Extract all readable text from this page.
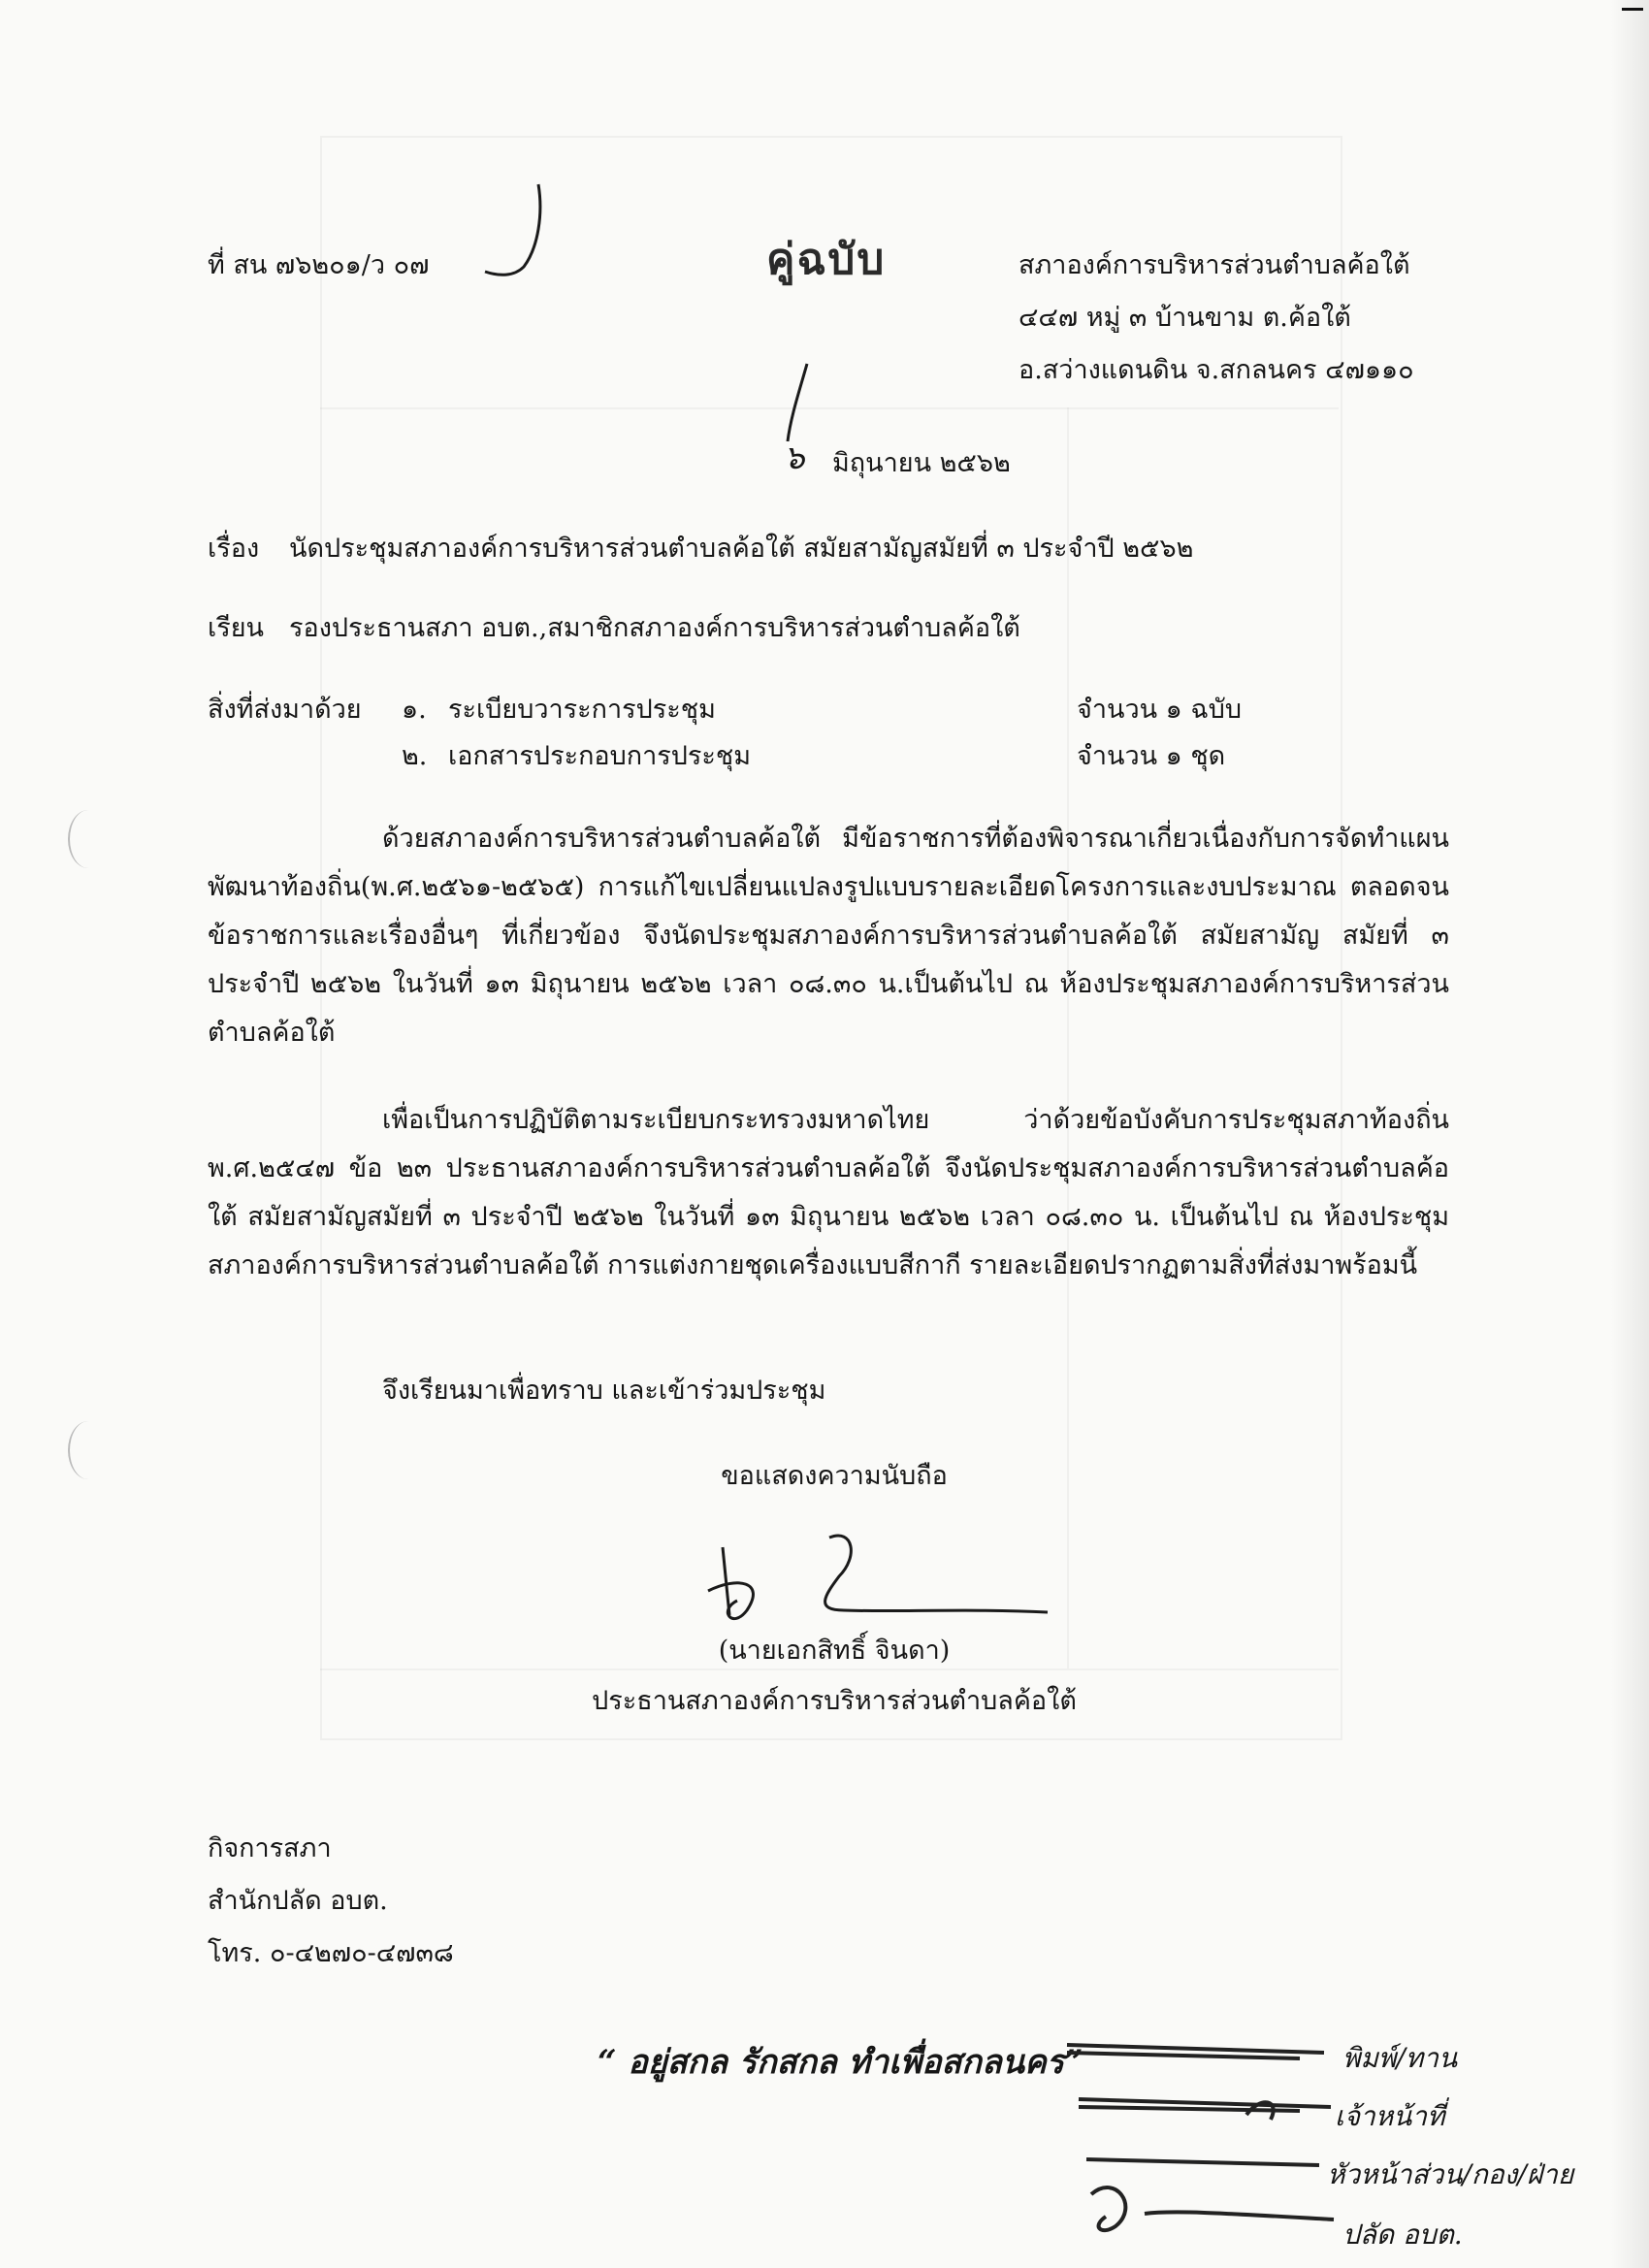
ที่ สน ๗๖๒๐๑/ว ๐๗	คู่ฉบับ	สภาองค์การบริหารส่วนตำบลค้อใต้
๔๔๗ หมู่ ๓ บ้านขาม ต.ค้อใต้
อ.สว่างแดนดิน จ.สกลนคร ๔๗๑๑๐
๖ มิถุนายน ๒๕๖๒
เรื่อง นัดประชุมสภาองค์การบริหารส่วนตำบลค้อใต้ สมัยสามัญสมัยที่ ๓ ประจำปี ๒๕๖๒
เรียน รองประธานสภา อบต.,สมาชิกสภาองค์การบริหารส่วนตำบลค้อใต้
สิ่งที่ส่งมาด้วย ๑. ระเบียบวาระการประชุม	จำนวน ๑ ฉบับ
๒. เอกสารประกอบการประชุม	จำนวน ๑ ชุด
ด้วยสภาองค์การบริหารส่วนตำบลค้อใต้ มีข้อราชการที่ต้องพิจารณาเกี่ยวเนื่องกับการจัดทำแผนพัฒนาท้องถิ่น(พ.ศ.๒๕๖๑-๒๕๖๕) การแก้ไขเปลี่ยนแปลงรูปแบบรายละเอียดโครงการและงบประมาณ ตลอดจนข้อราชการและเรื่องอื่นๆ ที่เกี่ยวข้อง จึงนัดประชุมสภาองค์การบริหารส่วนตำบลค้อใต้ สมัยสามัญ สมัยที่ ๓ ประจำปี ๒๕๖๒ ในวันที่ ๑๓ มิถุนายน ๒๕๖๒ เวลา ๐๘.๓๐ น.เป็นต้นไป ณ ห้องประชุมสภาองค์การบริหารส่วนตำบลค้อใต้
เพื่อเป็นการปฏิบัติตามระเบียบกระทรวงมหาดไทย ว่าด้วยข้อบังคับการประชุมสภาท้องถิ่น พ.ศ.๒๕๔๗ ข้อ ๒๓ ประธานสภาองค์การบริหารส่วนตำบลค้อใต้ จึงนัดประชุมสภาองค์การบริหารส่วนตำบลค้อใต้ สมัยสามัญสมัยที่ ๓ ประจำปี ๒๕๖๒ ในวันที่ ๑๓ มิถุนายน ๒๕๖๒ เวลา ๐๘.๓๐ น. เป็นต้นไป ณ ห้องประชุมสภาองค์การบริหารส่วนตำบลค้อใต้ การแต่งกายชุดเครื่องแบบสีกากี รายละเอียดปรากฏตามสิ่งที่ส่งมาพร้อมนี้
จึงเรียนมาเพื่อทราบ และเข้าร่วมประชุม
ขอแสดงความนับถือ
(นายเอกสิทธิ์ จินดา)
ประธานสภาองค์การบริหารส่วนตำบลค้อใต้
กิจการสภา
สำนักปลัด อบต.
โทร. ๐-๔๒๗๐-๔๗๓๘
“ อยู่สกล รักสกล ทำเพื่อสกลนคร”	พิมพ์/ทาน
เจ้าหน้าที่
หัวหน้าส่วน/กอง/ฝ่าย
ปลัด อบต.
